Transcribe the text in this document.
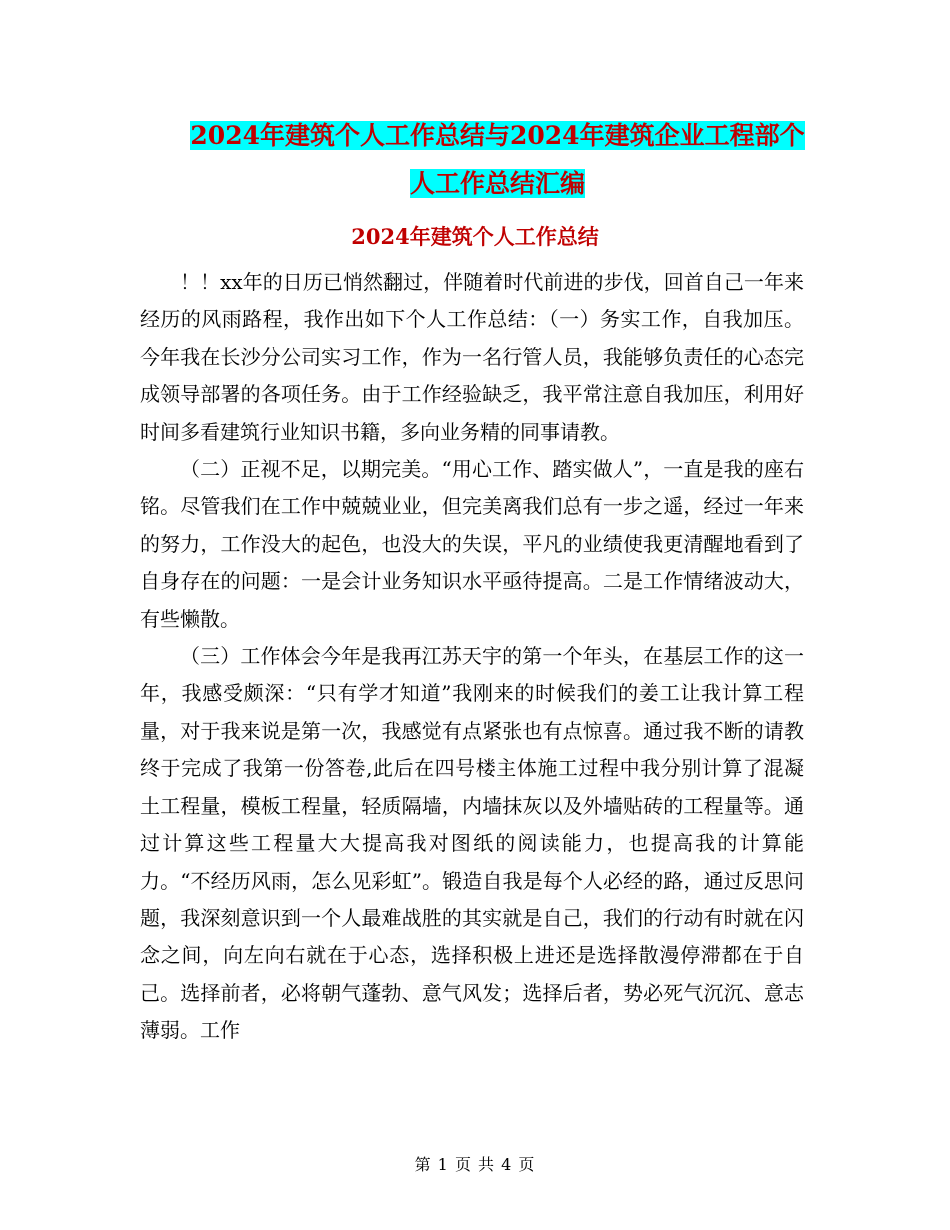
2024年建筑个人工作总结与2024年建筑企业工程部个
人工作总结汇编
2024年建筑个人工作总结

！！xx年的日历已悄然翻过，伴随着时代前进的步伐，回首自己一年来经历的风雨路程，我作出如下个人工作总结：（一）务实工作，自我加压。今年我在长沙分公司实习工作，作为一名行管人员，我能够负责任的心态完成领导部署的各项任务。由于工作经验缺乏，我平常注意自我加压，利用好时间多看建筑行业知识书籍，多向业务精的同事请教。

（二）正视不足，以期完美。“用心工作、踏实做人”，一直是我的座右铭。尽管我们在工作中兢兢业业，但完美离我们总有一步之遥，经过一年来的努力，工作没大的起色，也没大的失误，平凡的业绩使我更清醒地看到了自身存在的问题：一是会计业务知识水平亟待提高。二是工作情绪波动大，有些懒散。

（三）工作体会今年是我再江苏天宇的第一个年头，在基层工作的这一年，我感受颇深：“只有学才知道”我刚来的时候我们的姜工让我计算工程量，对于我来说是第一次，我感觉有点紧张也有点惊喜。通过我不断的请教终于完成了我第一份答卷,此后在四号楼主体施工过程中我分别计算了混凝土工程量，模板工程量，轻质隔墙，内墙抹灰以及外墙贴砖的工程量等。通过计算这些工程量大大提高我对图纸的阅读能力，也提高我的计算能力。“不经历风雨，怎么见彩虹”。锻造自我是每个人必经的路，通过反思问题，我深刻意识到一个人最难战胜的其实就是自己，我们的行动有时就在闪念之间，向左向右就在于心态，选择积极上进还是选择散漫停滞都在于自己。选择前者，必将朝气蓬勃、意气风发；选择后者，势必死气沉沉、意志薄弱。工作

第 1 页 共 4 页
